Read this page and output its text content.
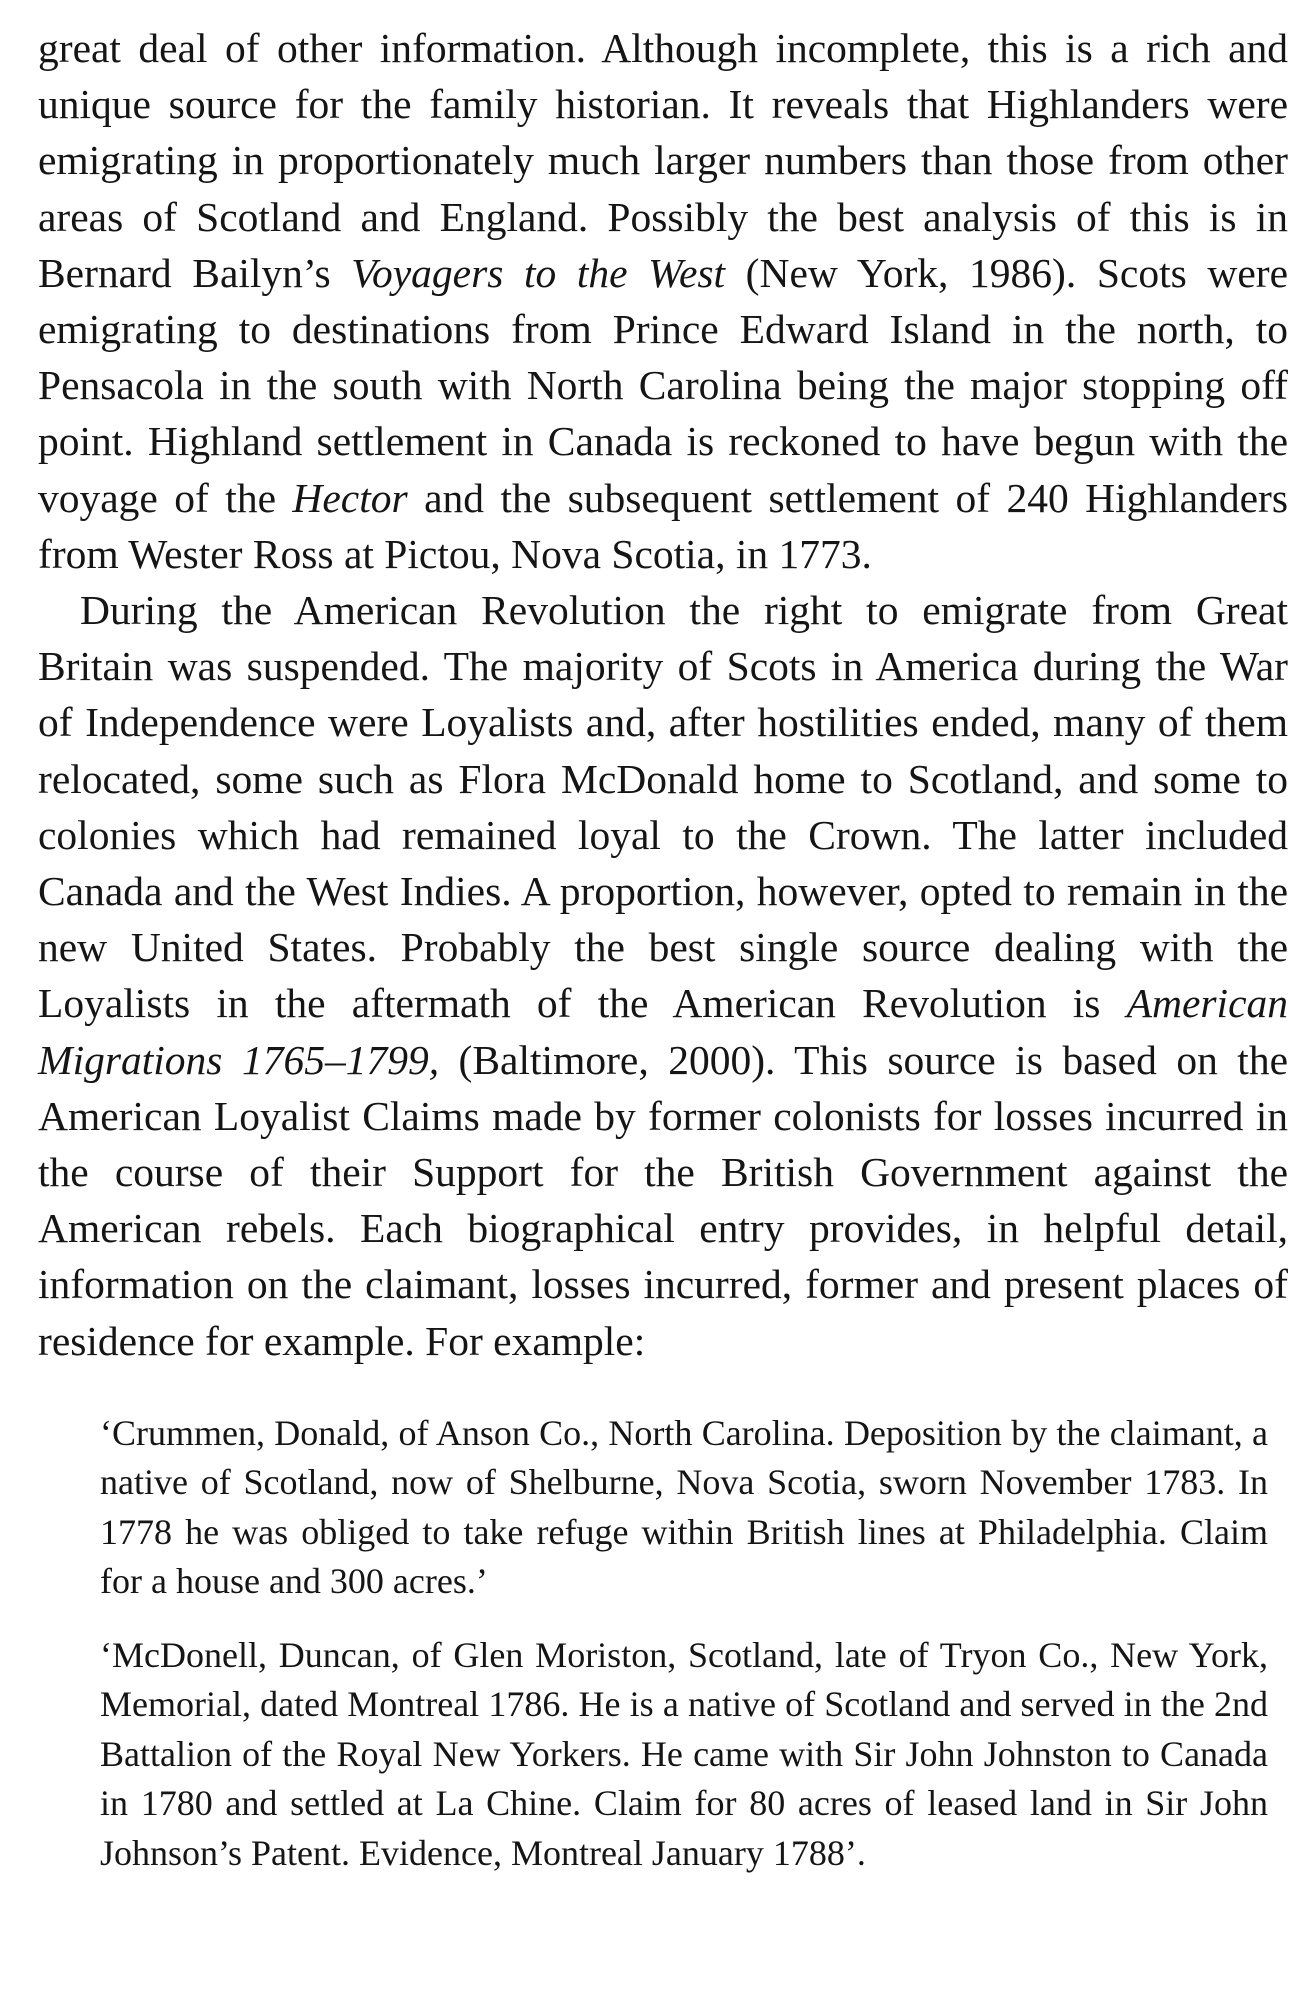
great deal of other information. Although incomplete, this is a rich and unique source for the family historian. It reveals that Highlanders were emigrating in proportionately much larger numbers than those from other areas of Scotland and England. Possibly the best analysis of this is in Bernard Bailyn’s Voyagers to the West (New York, 1986). Scots were emigrating to destinations from Prince Edward Island in the north, to Pensacola in the south with North Carolina being the major stopping off point. Highland settlement in Canada is reckoned to have begun with the voyage of the Hector and the subsequent settlement of 240 Highlanders from Wester Ross at Pictou, Nova Scotia, in 1773.

During the American Revolution the right to emigrate from Great Britain was suspended. The majority of Scots in America during the War of Independence were Loyalists and, after hostilities ended, many of them relocated, some such as Flora McDonald home to Scotland, and some to colonies which had remained loyal to the Crown. The latter included Canada and the West Indies. A proportion, however, opted to remain in the new United States. Probably the best single source dealing with the Loyalists in the aftermath of the American Revolution is American Migrations 1765–1799, (Baltimore, 2000). This source is based on the American Loyalist Claims made by former colonists for losses incurred in the course of their Support for the British Government against the American rebels. Each biographical entry provides, in helpful detail, information on the claimant, losses incurred, former and present places of residence for example. For example:

‘Crummen, Donald, of Anson Co., North Carolina. Deposition by the claimant, a native of Scotland, now of Shelburne, Nova Scotia, sworn November 1783. In 1778 he was obliged to take refuge within British lines at Philadelphia. Claim for a house and 300 acres.’

‘McDonell, Duncan, of Glen Moriston, Scotland, late of Tryon Co., New York, Memorial, dated Montreal 1786. He is a native of Scotland and served in the 2nd Battalion of the Royal New Yorkers. He came with Sir John Johnston to Canada in 1780 and settled at La Chine. Claim for 80 acres of leased land in Sir John Johnson’s Patent. Evidence, Montreal January 1788’.
